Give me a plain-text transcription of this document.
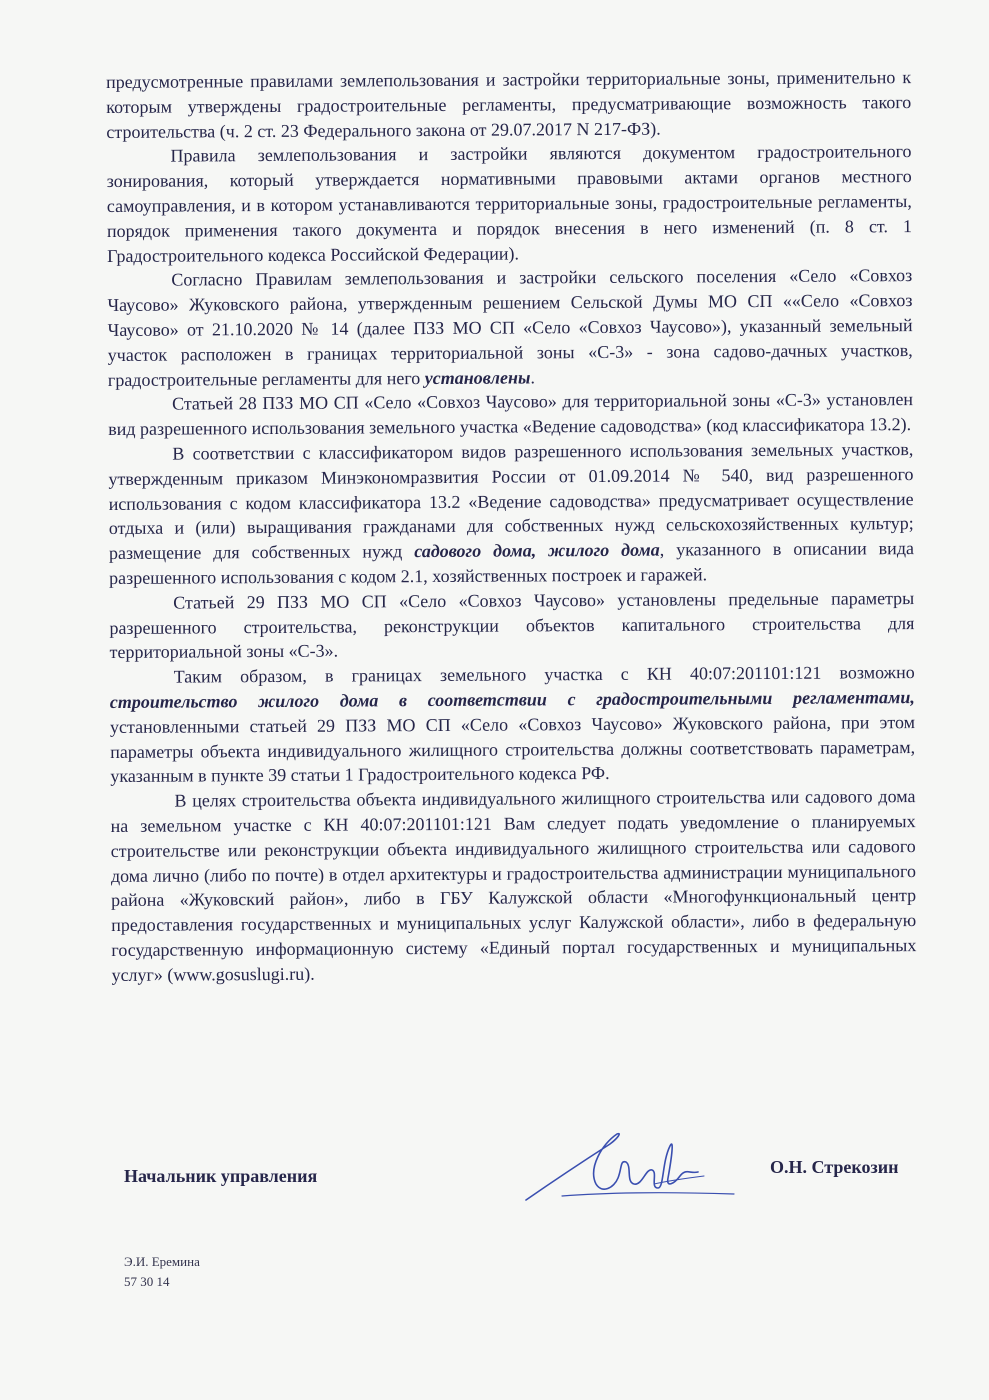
предусмотренные правилами землепользования и застройки территориальные зоны, применительно к которым утверждены градостроительные регламенты, предусматривающие возможность такого строительства (ч. 2 ст. 23 Федерального закона от 29.07.2017 N 217-ФЗ).

Правила землепользования и застройки являются документом градостроительного зонирования, который утверждается нормативными правовыми актами органов местного самоуправления, и в котором устанавливаются территориальные зоны, градостроительные регламенты, порядок применения такого документа и порядок внесения в него изменений (п. 8 ст. 1 Градостроительного кодекса Российской Федерации).

Согласно Правилам землепользования и застройки сельского поселения «Село «Совхоз Чаусово» Жуковского района, утвержденным решением Сельской Думы МО СП ««Село «Совхоз Чаусово» от 21.10.2020 № 14 (далее ПЗЗ МО СП «Село «Совхоз Чаусово»), указанный земельный участок расположен в границах территориальной зоны «С-3» - зона садово-дачных участков, градостроительные регламенты для него установлены.

Статьей 28 ПЗЗ МО СП «Село «Совхоз Чаусово» для территориальной зоны «С-3» установлен вид разрешенного использования земельного участка «Ведение садоводства» (код классификатора 13.2).

В соответствии с классификатором видов разрешенного использования земельных участков, утвержденным приказом Минэкономразвития России от 01.09.2014 № 540, вид разрешенного использования с кодом классификатора 13.2 «Ведение садоводства» предусматривает осуществление отдыха и (или) выращивания гражданами для собственных нужд сельскохозяйственных культур; размещение для собственных нужд садового дома, жилого дома, указанного в описании вида разрешенного использования с кодом 2.1, хозяйственных построек и гаражей.

Статьей 29 ПЗЗ МО СП «Село «Совхоз Чаусово» установлены предельные параметры разрешенного строительства, реконструкции объектов капитального строительства для территориальной зоны «С-3».

Таким образом, в границах земельного участка с КН 40:07:201101:121 возможно строительство жилого дома в соответствии с градостроительными регламентами, установленными статьей 29 ПЗЗ МО СП «Село «Совхоз Чаусово» Жуковского района, при этом параметры объекта индивидуального жилищного строительства должны соответствовать параметрам, указанным в пункте 39 статьи 1 Градостроительного кодекса РФ.

В целях строительства объекта индивидуального жилищного строительства или садового дома на земельном участке с КН 40:07:201101:121 Вам следует подать уведомление о планируемых строительстве или реконструкции объекта индивидуального жилищного строительства или садового дома лично (либо по почте) в отдел архитектуры и градостроительства администрации муниципального района «Жуковский район», либо в ГБУ Калужской области «Многофункциональный центр предоставления государственных и муниципальных услуг Калужской области», либо в федеральную государственную информационную систему «Единый портал государственных и муниципальных услуг» (www.gosuslugi.ru).

Начальник управления	О.Н. Стрекозин
Э.И. Еремина
57 30 14
